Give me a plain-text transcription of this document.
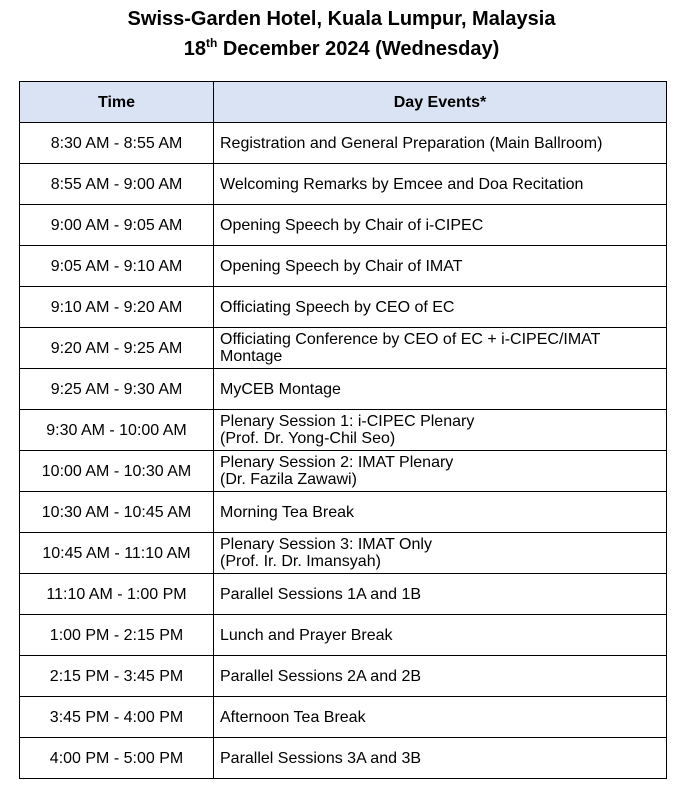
Swiss-Garden Hotel, Kuala Lumpur, Malaysia
18th December 2024 (Wednesday)
Time	Day Events*
8:30 AM - 8:55 AM	Registration and General Preparation (Main Ballroom)

8:55 AM - 9:00 AM	Welcoming Remarks by Emcee and Doa Recitation

9:00 AM - 9:05 AM	Opening Speech by Chair of i-CIPEC

9:05 AM - 9:10 AM	Opening Speech by Chair of IMAT

9:10 AM - 9:20 AM	Officiating Speech by CEO of EC

9:20 AM - 9:25 AM	Officiating Conference by CEO of EC + i-CIPEC/IMAT
Montage

9:25 AM - 9:30 AM	MyCEB Montage

9:30 AM - 10:00 AM	Plenary Session 1: i-CIPEC Plenary
(Prof. Dr. Yong-Chil Seo)

10:00 AM - 10:30 AM	Plenary Session 2: IMAT Plenary
(Dr. Fazila Zawawi)

10:30 AM - 10:45 AM	Morning Tea Break

10:45 AM - 11:10 AM	Plenary Session 3: IMAT Only
(Prof. Ir. Dr. Imansyah)

11:10 AM - 1:00 PM	Parallel Sessions 1A and 1B

1:00 PM - 2:15 PM	Lunch and Prayer Break

2:15 PM - 3:45 PM	Parallel Sessions 2A and 2B

3:45 PM - 4:00 PM	Afternoon Tea Break

4:00 PM - 5:00 PM	Parallel Sessions 3A and 3B
